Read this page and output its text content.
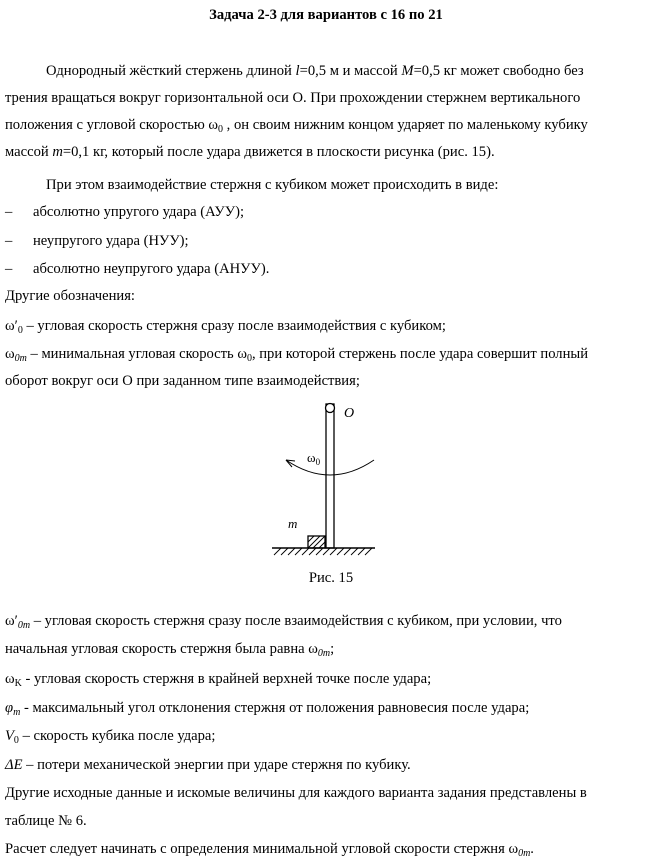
Задача 2-3 для вариантов с 16 по 21
Однородный жёсткий стержень длиной l=0,5 м и массой M=0,5 кг может свободно без
трения вращаться вокруг горизонтальной оси О. При прохождении стержнем вертикального
положения с угловой скоростью $\omega_0$ , он своим нижним концом ударяет по маленькому кубику
массой m=0,1 кг, который после удара движется в плоскости рисунка (рис. 15).
При этом взаимодействие стержня с кубиком может происходить в виде:
– абсолютно упругого удара (АУУ);
– неупругого удара (НУУ);
– абсолютно неупругого удара (АНУУ).
Другие обозначения:
$\omega'_0$ – угловая скорость стержня сразу после взаимодействия с кубиком;
$\omega_{0m}$ – минимальная угловая скорость $\omega_0$, при которой стержень после удара совершит полный
оборот вокруг оси О при заданном типе взаимодействия;
O
$\omega_0$
m
Рис. 15
$\omega'_{0m}$ – угловая скорость стержня сразу после взаимодействия с кубиком, при условии, что
начальная угловая скорость стержня была равна $\omega_{0m}$;
$\omega_K$ - угловая скорость стержня в крайней верхней точке после удара;
$\varphi_m$ - максимальный угол отклонения стержня от положения равновесия после удара;
$V_0$ – скорость кубика после удара;
ΔE – потери механической энергии при ударе стержня по кубику.
Другие исходные данные и искомые величины для каждого варианта задания представлены в
таблице № 6.
Расчет следует начинать с определения минимальной угловой скорости стержня $\omega_{0m}$.
